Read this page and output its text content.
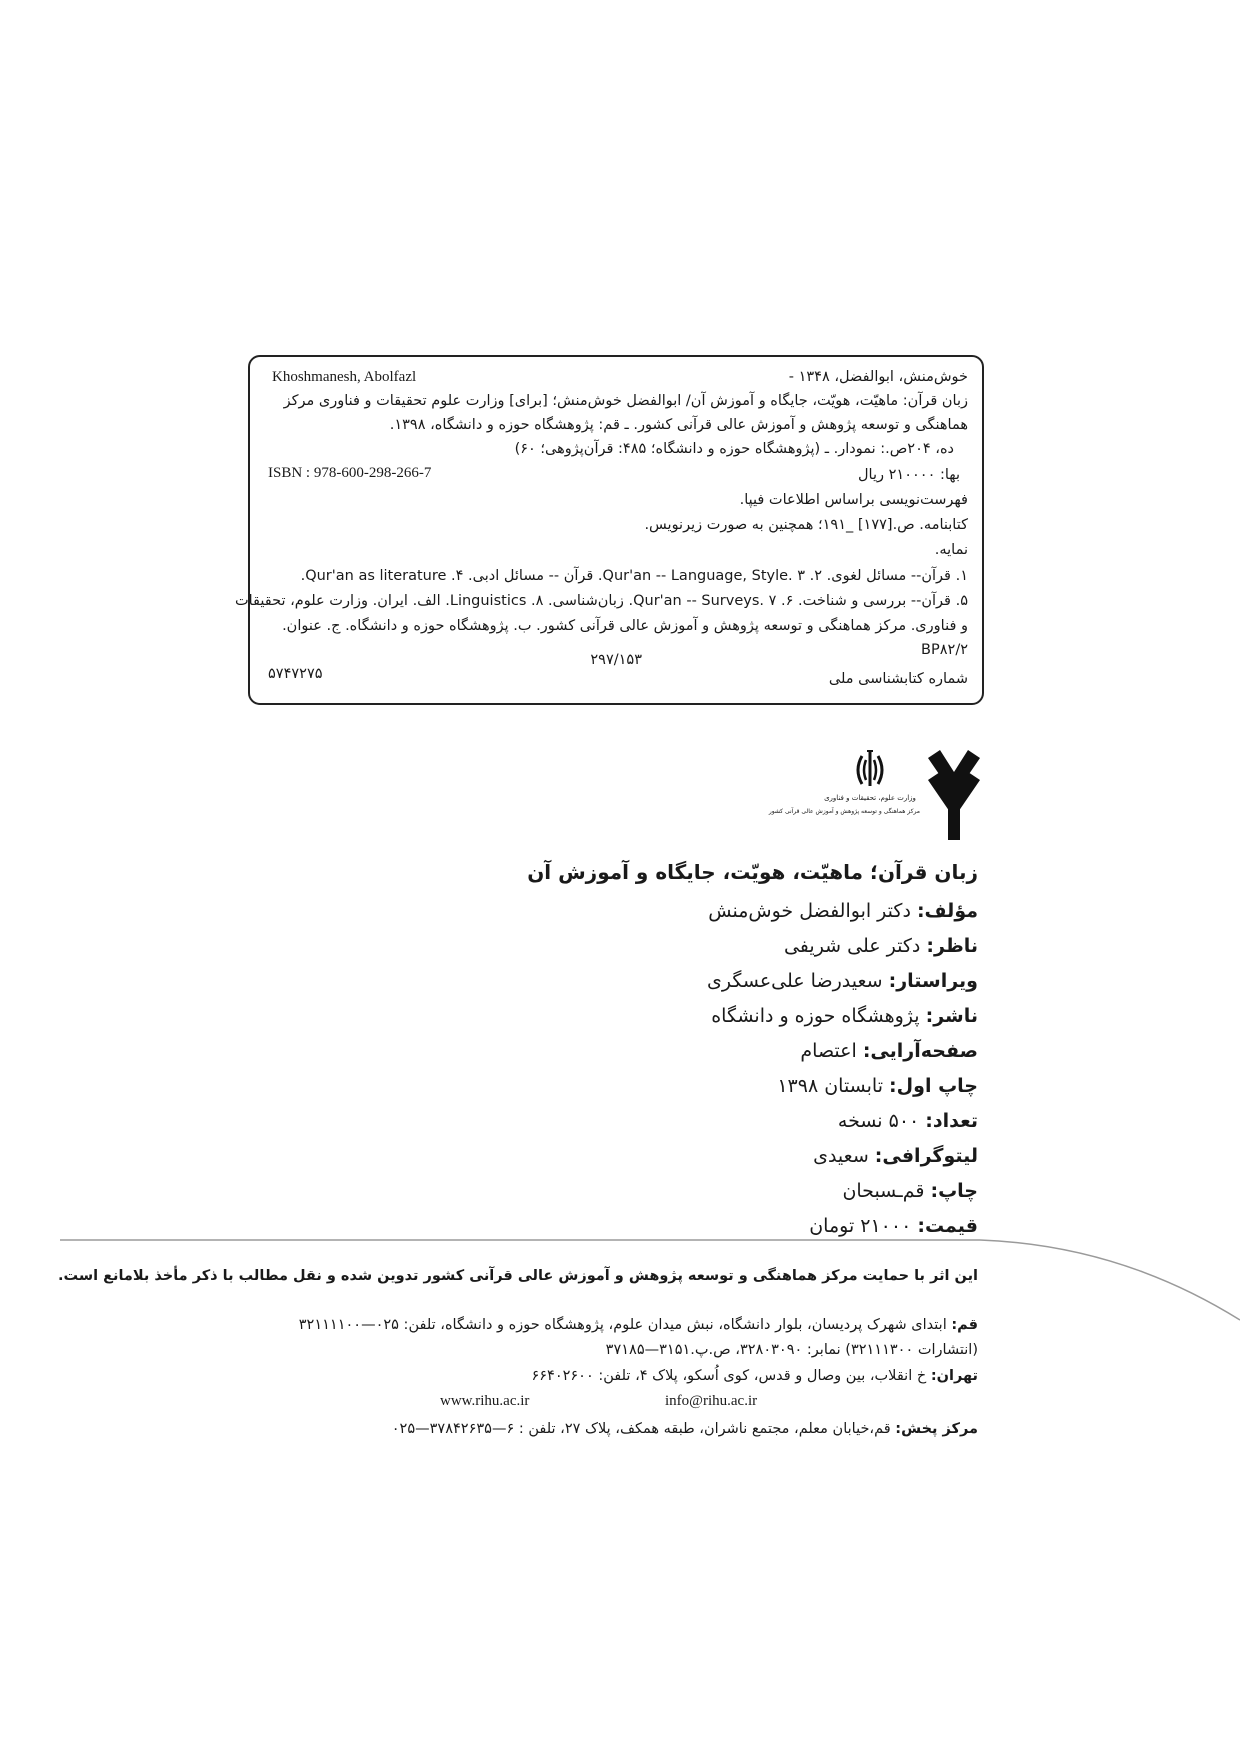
خوش‌منش، ابوالفضل، ۱۳۴۸ -
Khoshmanesh, Abolfazl
زبان قرآن: ماهیّت، هویّت، جایگاه و آموزش آن/ ابوالفضل خوش‌منش؛ [برای] وزارت علوم تحقیقات و فناوری مرکز
هماهنگی و توسعه پژوهش و آموزش عالی قرآنی کشور. ـ قم: پژوهشگاه حوزه و دانشگاه، ۱۳۹۸.
ده، ۲۰۴ص.: نمودار. ـ (پژوهشگاه حوزه و دانشگاه؛ ۴۸۵: قرآن‌پژوهی؛ ۶۰)
ISBN : 978-600-298-266-7	بها: ۲۱۰۰۰۰ ریال
فهرست‌نویسی براساس اطلاعات فیپا.
کتابنامه. ص.[۱۷۷] _۱۹۱؛ همچنین به صورت زیرنویس.
نمایه.
۱. قرآن-- مسائل لغوی. ۲. Qur'an -- Language, Style. ۳. قرآن -- مسائل ادبی. ۴. Qur'an as literature.
۵. قرآن-- بررسی و شناخت. ۶. Qur'an -- Surveys. ۷. زبان‌شناسی. ۸. Linguistics. الف. ایران. وزارت علوم، تحقیقات
و فناوری. مرکز هماهنگی و توسعه پژوهش و آموزش عالی قرآنی کشور. ب. پژوهشگاه حوزه و دانشگاه. ج. عنوان.
BP۸۲/۲
۲۹۷/۱۵۳
شماره کتابشناسی ملی
۵۷۴۷۲۷۵
وزارت علوم، تحقیقات و فناوری
مرکز هماهنگی و توسعه پژوهش و آموزش عالی قرآنی کشور
زبان قرآن؛ ماهیّت، هویّت، جایگاه و آموزش آن
مؤلف: دکتر ابوالفضل خوش‌منش
ناظر: دکتر علی شریفی
ویراستار: سعیدرضا علی‌عسگری
ناشر: پژوهشگاه حوزه و دانشگاه
صفحه‌آرایی: اعتصام
چاپ اول: تابستان ۱۳۹۸
تعداد: ۵۰۰ نسخه
لیتوگرافی: سعیدی
چاپ: قم‌ـسبحان
قیمت: ۲۱۰۰۰ تومان
این اثر با حمایت مرکز هماهنگی و توسعه پژوهش و آموزش عالی قرآنی کشور تدوین شده و نقل مطالب با ذکر مأخذ بلامانع است.
قم: ابتدای شهرک پردیسان، بلوار دانشگاه، نبش میدان علوم، پژوهشگاه حوزه و دانشگاه، تلفن: ۰۲۵—۳۲۱۱۱۱۰۰
(انتشارات ۳۲۱۱۱۳۰۰) نمابر: ۳۲۸۰۳۰۹۰، ص.پ.۳۱۵۱—۳۷۱۸۵
تهران: خ انقلاب، بین وصال و قدس، کوی اُسکو، پلاک ۴، تلفن: ۶۶۴۰۲۶۰۰
www.rihu.ac.ir	info@rihu.ac.ir
مرکز پخش: قم،خیابان معلم، مجتمع ناشران، طبقه همکف، پلاک ۲۷، تلفن : ۶—۳۷۸۴۲۶۳۵—۰۲۵
